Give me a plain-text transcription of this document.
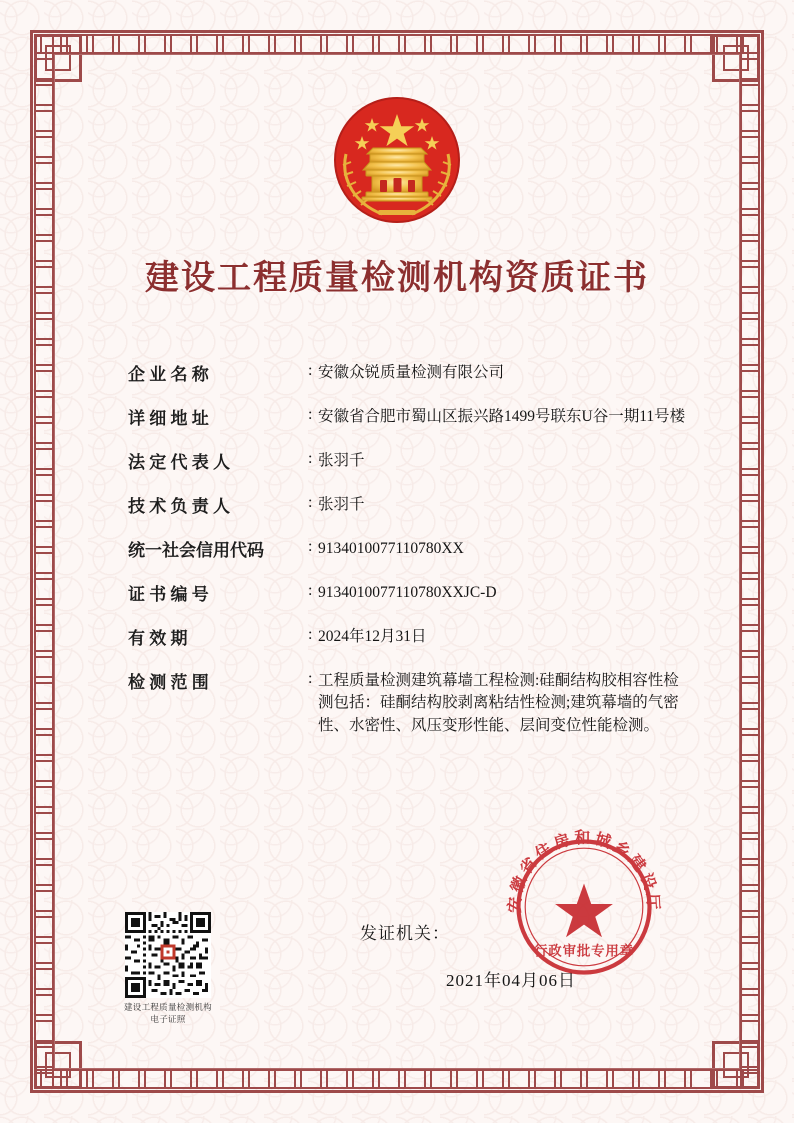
建设工程质量检测机构资质证书
企 业 名 称	: 安徽众锐质量检测有限公司
详 细 地 址	: 安徽省合肥市蜀山区振兴路1499号联东U谷一期11号楼
法 定 代 表 人	: 张羽千
技 术 负 责 人	: 张羽千
统一社会信用代码	: 9134010077110780XX
证 书 编 号	: 9134010077110780XXJC-D
有 效 期	: 2024年12月31日
检 测 范 围	: 工程质量检测建筑幕墙工程检测:硅酮结构胶相容性检测包括：硅酮结构胶剥离粘结性检测;建筑幕墙的气密性、水密性、风压变形性能、层间变位性能检测。
建设工程质量检测机构
电子证照
发证机关：
2021年04月06日
安徽省住房和城乡建设厅
行政审批专用章
